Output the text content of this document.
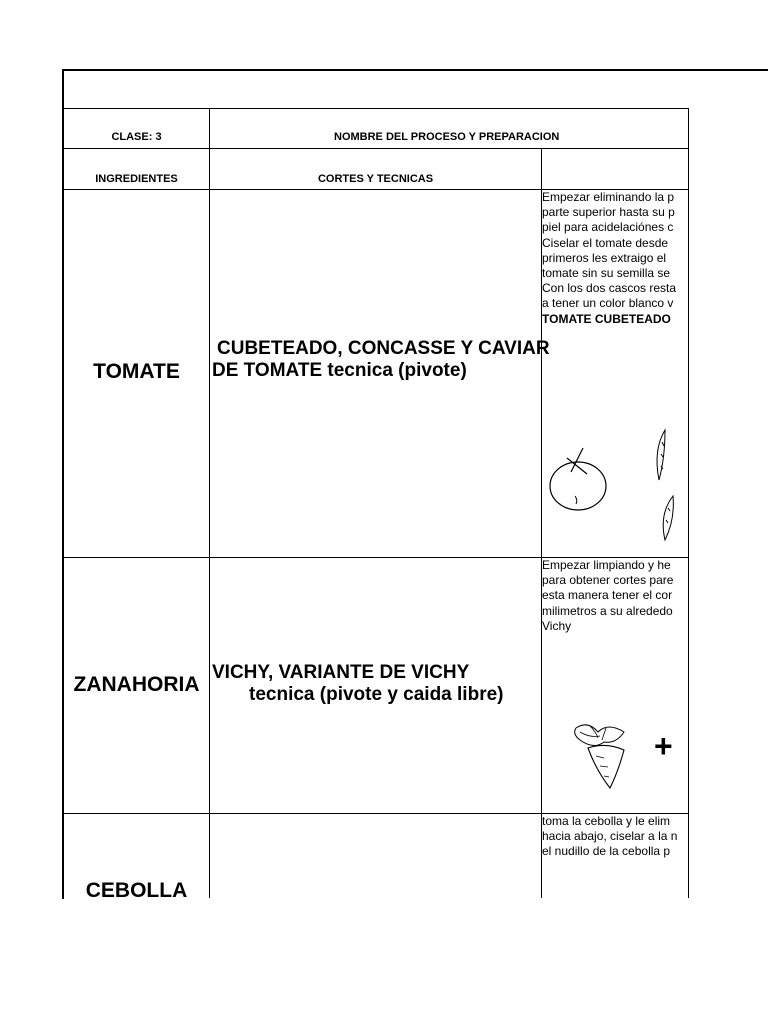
CLASE: 3	NOMBRE DEL PROCESO Y PREPARACION
INGREDIENTES	CORTES Y TECNICAS
TOMATE
CUBETEADO, CONCASSE Y CAVIAR
DE TOMATE tecnica (pivote)
Empezar eliminando la p
parte superior hasta su p
piel para acidelaciónes c
Ciselar el tomate desde
primeros les extraigo el
tomate sin su semilla se
Con los dos cascos resta
a tener un color blanco v
TOMATE CUBETEADO
ZANAHORIA
VICHY, VARIANTE DE VICHY
tecnica (pivote y caida libre)
Empezar limpiando y he
para obtener cortes pare
esta manera tener el cor
milimetros a su alrededo
Vichy
+
CEBOLLA
toma la cebolla y le elim
hacia abajo, ciselar a la n
el nudillo de la cebolla p
